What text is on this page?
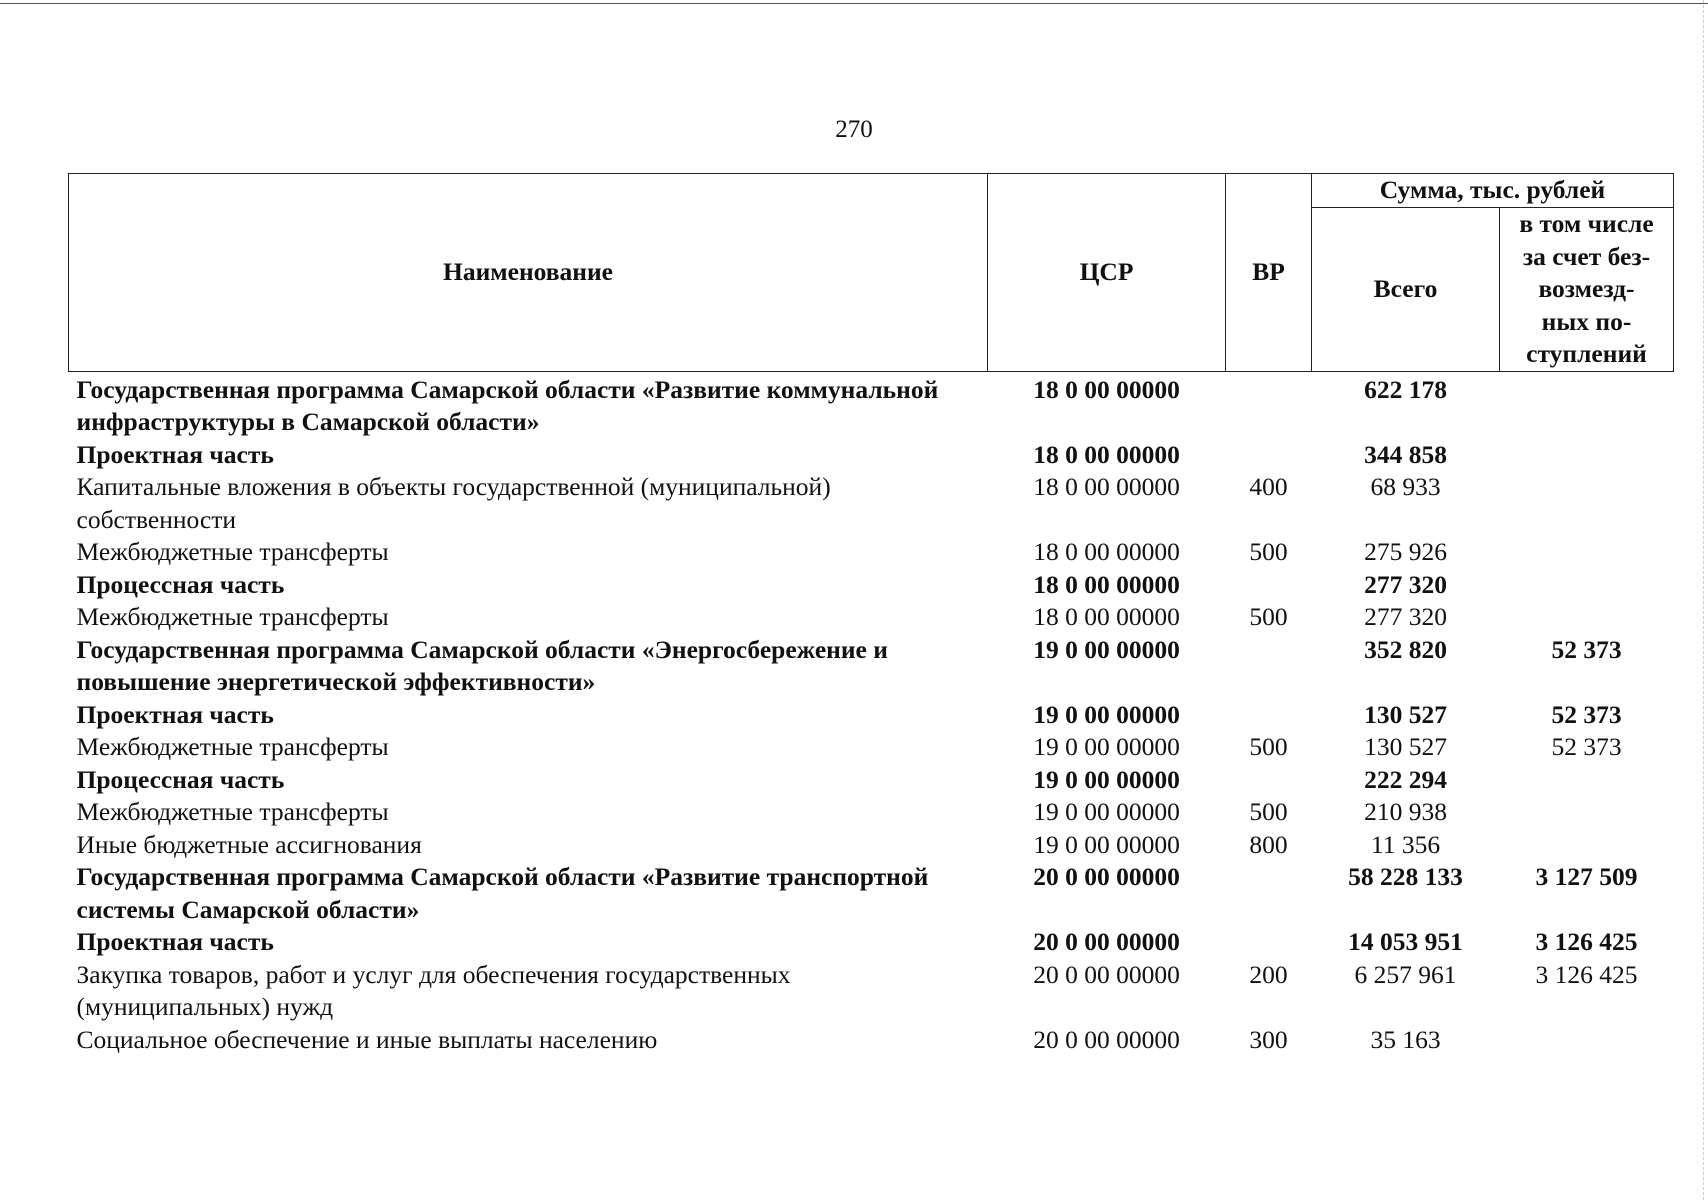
270
Наименование	ЦСР	ВР	Сумма, тыс. рублей	
			Всего	в том числе
за счет без-
возмезд-
ных по-
ступлений
Государственная программа Самарской области «Развитие коммунальной инфраструктуры в Самарской области»	18 0 00 00000		622 178	
Проектная часть	18 0 00 00000		344 858	
Капитальные вложения в объекты государственной (муниципальной) собственности	18 0 00 00000	400	68 933	
Межбюджетные трансферты	18 0 00 00000	500	275 926	
Процессная часть	18 0 00 00000		277 320	
Межбюджетные трансферты	18 0 00 00000	500	277 320	
Государственная программа Самарской области «Энергосбережение и повышение энергетической эффективности»	19 0 00 00000		352 820	52 373
Проектная часть	19 0 00 00000		130 527	52 373
Межбюджетные трансферты	19 0 00 00000	500	130 527	52 373
Процессная часть	19 0 00 00000		222 294	
Межбюджетные трансферты	19 0 00 00000	500	210 938	
Иные бюджетные ассигнования	19 0 00 00000	800	11 356	
Государственная программа Самарской области «Развитие транспортной системы Самарской области»	20 0 00 00000		58 228 133	3 127 509
Проектная часть	20 0 00 00000		14 053 951	3 126 425
Закупка товаров, работ и услуг для обеспечения государственных (муниципальных) нужд	20 0 00 00000	200	6 257 961	3 126 425
Социальное обеспечение и иные выплаты населению	20 0 00 00000	300	35 163	
